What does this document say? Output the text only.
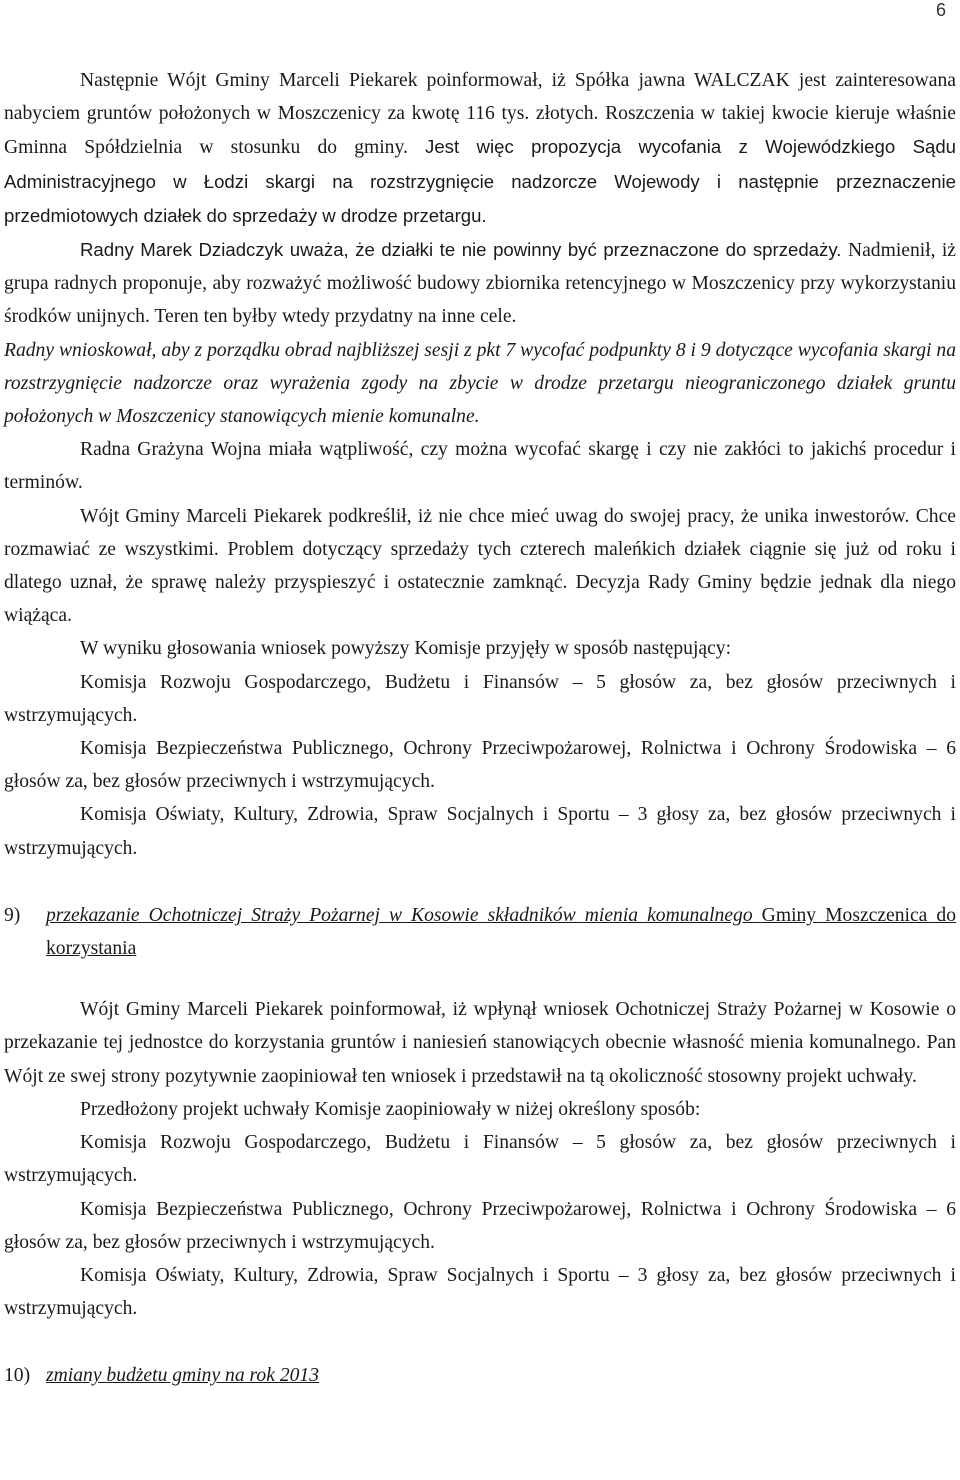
6

Następnie Wójt Gminy Marceli Piekarek poinformował, iż Spółka jawna WALCZAK jest zainteresowana nabyciem gruntów położonych w Moszczenicy za kwotę 116 tys. złotych. Roszczenia w takiej kwocie kieruje właśnie Gminna Spółdzielnia w stosunku do gminy. Jest więc propozycja wycofania z Wojewódzkiego Sądu Administracyjnego w Łodzi skargi na rozstrzygnięcie nadzorcze Wojewody i następnie przeznaczenie przedmiotowych działek do sprzedaży w drodze przetargu.

Radny Marek Dziadczyk uważa, że działki te nie powinny być przeznaczone do sprzedaży. Nadmienił, iż grupa radnych proponuje, aby rozważyć możliwość budowy zbiornika retencyjnego w Moszczenicy przy wykorzystaniu środków unijnych. Teren ten byłby wtedy przydatny na inne cele.

Radny wnioskował, aby z porządku obrad najbliższej sesji z pkt 7 wycofać podpunkty 8 i 9 dotyczące wycofania skargi na rozstrzygnięcie nadzorcze oraz wyrażenia zgody na zbycie w drodze przetargu nieograniczonego działek gruntu położonych w Moszczenicy stanowiących mienie komunalne.

Radna Grażyna Wojna miała wątpliwość, czy można wycofać skargę i czy nie zakłóci to jakichś procedur i terminów.

Wójt Gminy Marceli Piekarek podkreślił, iż nie chce mieć uwag do swojej pracy, że unika inwestorów. Chce rozmawiać ze wszystkimi. Problem dotyczący sprzedaży tych czterech maleńkich działek ciągnie się już od roku i dlatego uznał, że sprawę należy przyspieszyć i ostatecznie zamknąć. Decyzja Rady Gminy będzie jednak dla niego wiążąca.

W wyniku głosowania wniosek powyższy Komisje przyjęły w sposób następujący:

Komisja Rozwoju Gospodarczego, Budżetu i Finansów – 5 głosów za, bez głosów przeciwnych i wstrzymujących.

Komisja Bezpieczeństwa Publicznego, Ochrony Przeciwpożarowej, Rolnictwa i Ochrony Środowiska – 6 głosów za, bez głosów przeciwnych i wstrzymujących.

Komisja Oświaty, Kultury, Zdrowia, Spraw Socjalnych i Sportu – 3 głosy za, bez głosów przeciwnych i wstrzymujących.

9)	przekazanie Ochotniczej Straży Pożarnej w Kosowie składników mienia komunalnego Gminy Moszczenica do korzystania

Wójt Gminy Marceli Piekarek poinformował, iż wpłynął wniosek Ochotniczej Straży Pożarnej w Kosowie o przekazanie tej jednostce do korzystania gruntów i naniesień stanowiących obecnie własność mienia komunalnego. Pan Wójt ze swej strony pozytywnie zaopiniował ten wniosek i przedstawił na tą okoliczność stosowny projekt uchwały.

Przedłożony projekt uchwały Komisje zaopiniowały w niżej określony sposób:

Komisja Rozwoju Gospodarczego, Budżetu i Finansów – 5 głosów za, bez głosów przeciwnych i wstrzymujących.

Komisja Bezpieczeństwa Publicznego, Ochrony Przeciwpożarowej, Rolnictwa i Ochrony Środowiska – 6 głosów za, bez głosów przeciwnych i wstrzymujących.

Komisja Oświaty, Kultury, Zdrowia, Spraw Socjalnych i Sportu – 3 głosy za, bez głosów przeciwnych i wstrzymujących.

10) zmiany budżetu gminy na rok 2013
